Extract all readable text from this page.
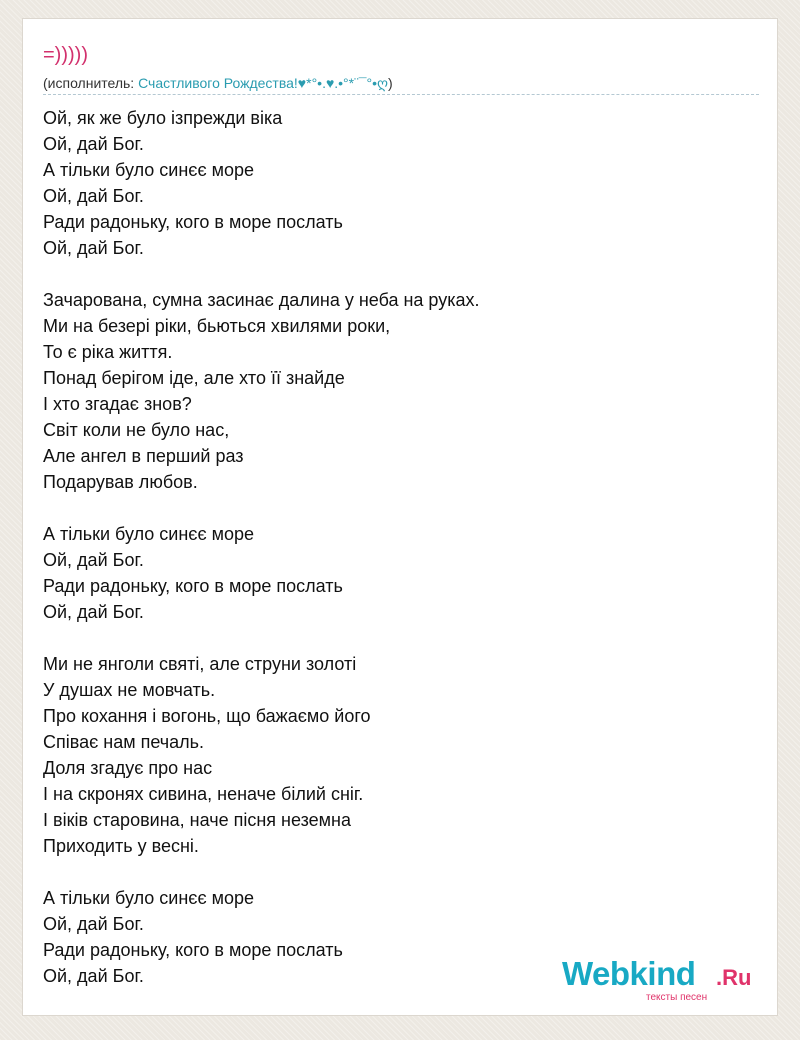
=)))))
(исполнитель: Счастливого Рождества!♥*°•.♥.•°*¨¯°•ღ)
Ой, як же було ізпрежди віка
Ой, дай Бог.
А тільки було синєє море
Ой, дай Бог.
Ради радоньку, кого в море послать
Ой, дай Бог.
Зачарована, сумна засинає далина у неба на руках.
Ми на безері ріки, бьються хвилями роки,
То є ріка життя.
Понад берігом іде, але хто її знайде
І хто згадає знов?
Світ коли не було нас,
Але ангел в перший раз
Подарував любов.
А тільки було синєє море
Ой, дай Бог.
Ради радоньку, кого в море послать
Ой, дай Бог.
Ми не янголи святі, але струни золоті
У душах не мовчать.
Про кохання і вогонь, що бажаємо його
Співає нам печаль.
Доля згадує про нас
І на скронях сивина, неначе білий сніг.
І віків старовина, наче пісня неземна
Приходить у весні.
А тільки було синєє море
Ой, дай Бог.
Ради радоньку, кого в море послать
Ой, дай Бог.	Webkind .Ru
тексты песен
